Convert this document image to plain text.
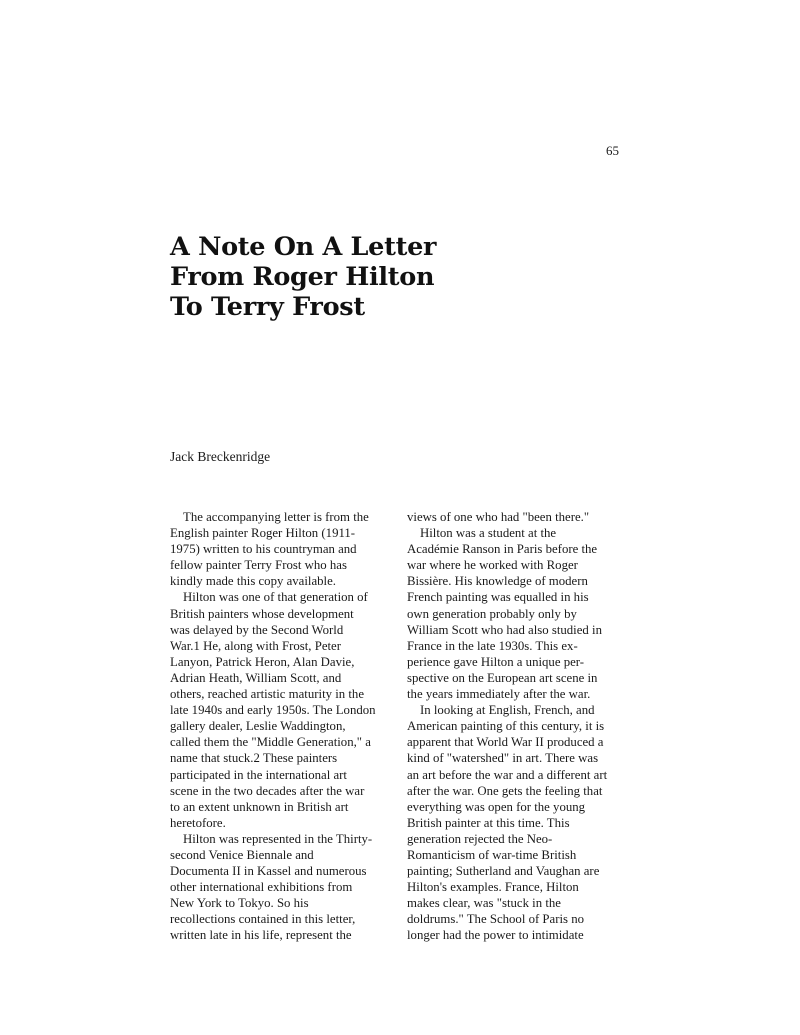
65
A Note On A Letter
From Roger Hilton
To Terry Frost
Jack Breckenridge
The accompanying letter is from the
English painter Roger Hilton (1911-
1975) written to his countryman and
fellow painter Terry Frost who has
kindly made this copy available.
Hilton was one of that generation of
British painters whose development
was delayed by the Second World
War.1 He, along with Frost, Peter
Lanyon, Patrick Heron, Alan Davie,
Adrian Heath, William Scott, and
others, reached artistic maturity in the
late 1940s and early 1950s. The London
gallery dealer, Leslie Waddington,
called them the "Middle Generation," a
name that stuck.2 These painters
participated in the international art
scene in the two decades after the war
to an extent unknown in British art
heretofore.
Hilton was represented in the Thirty-
second Venice Biennale and
Documenta II in Kassel and numerous
other international exhibitions from
New York to Tokyo. So his
recollections contained in this letter,
written late in his life, represent the
views of one who had "been there."
Hilton was a student at the
Académie Ranson in Paris before the
war where he worked with Roger
Bissière. His knowledge of modern
French painting was equalled in his
own generation probably only by
William Scott who had also studied in
France in the late 1930s. This ex-
perience gave Hilton a unique per-
spective on the European art scene in
the years immediately after the war.
In looking at English, French, and
American painting of this century, it is
apparent that World War II produced a
kind of "watershed" in art. There was
an art before the war and a different art
after the war. One gets the feeling that
everything was open for the young
British painter at this time. This
generation rejected the Neo-
Romanticism of war-time British
painting; Sutherland and Vaughan are
Hilton's examples. France, Hilton
makes clear, was "stuck in the
doldrums." The School of Paris no
longer had the power to intimidate
